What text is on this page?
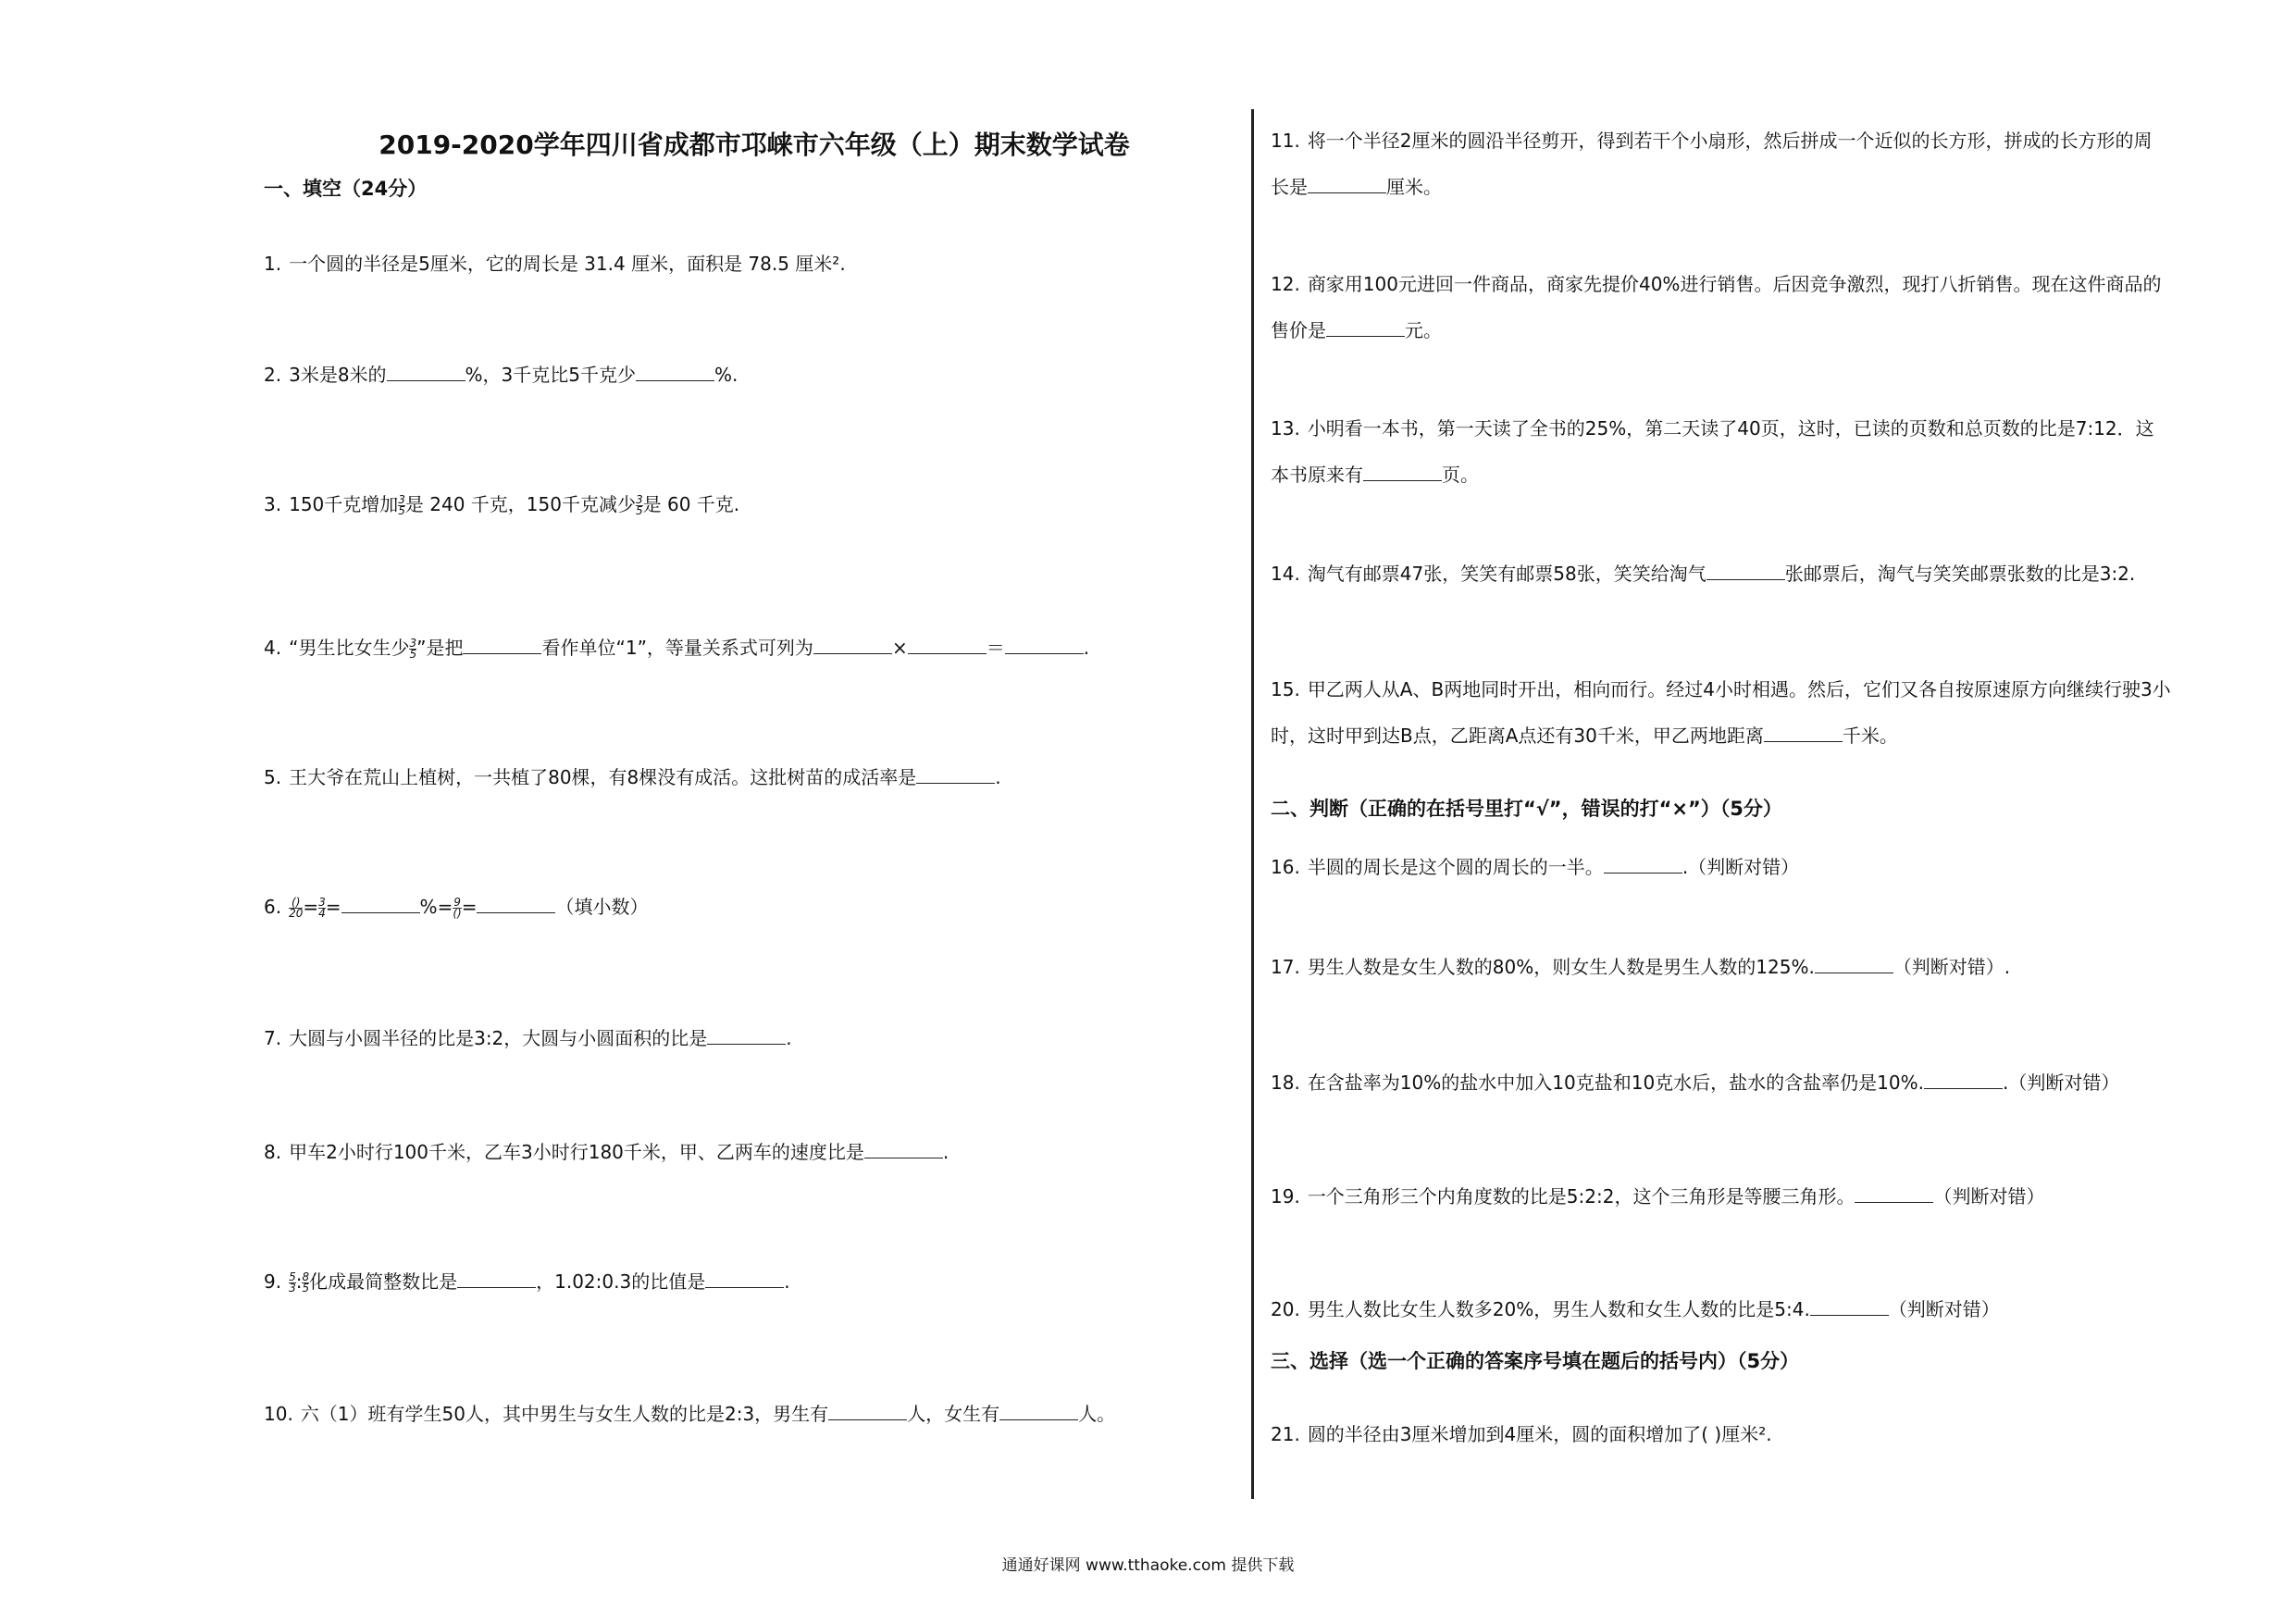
2019-2020学年四川省成都市邛崃市六年级（上）期末数学试卷
一、填空（24分）
1. 一个圆的半径是5厘米，它的周长是 31.4 厘米，面积是 78.5 厘米².
2. 3米是8米的	%，3千克比5千克少	%.
3. 150千克增加 $\frac{3}{5}$ 是 240 千克，150千克减少 $\frac{3}{5}$ 是 60 千克.
4. “男生比女生少 $\frac{3}{5}$ ”是把	看作单位“1”，等量关系式可列为	×	＝	.
5. 王大爷在荒山上植树，一共植了80棵，有8棵没有成活。这批树苗的成活率是	.
6. $\frac{()}{20} = \frac{3}{4}$ =	%= $\frac{9}{()}$ =	（填小数）
7. 大圆与小圆半径的比是3:2，大圆与小圆面积的比是	.
8. 甲车2小时行100千米，乙车3小时行180千米，甲、乙两车的速度比是	.
9. $\frac{5}{3}$ : $\frac{8}{5}$ 化成最简整数比是	，1.02:0.3的比值是	.
10. 六（1）班有学生50人，其中男生与女生人数的比是2:3，男生有	人，女生有	人。
11. 将一个半径2厘米的圆沿半径剪开，得到若干个小扇形，然后拼成一个近似的长方形，拼成的长方形的周
长是	厘米。
12. 商家用100元进回一件商品，商家先提价40%进行销售。后因竞争激烈，现打八折销售。现在这件商品的
售价是	元。
13. 小明看一本书，第一天读了全书的25%，第二天读了40页，这时，已读的页数和总页数的比是7:12．这
本书原来有	页。
14. 淘气有邮票47张，笑笑有邮票58张，笑笑给淘气	张邮票后，淘气与笑笑邮票张数的比是3:2.
15. 甲乙两人从A、B两地同时开出，相向而行。经过4小时相遇。然后，它们又各自按原速原方向继续行驶3小
时，这时甲到达B点，乙距离A点还有30千米，甲乙两地距离	千米。
二、判断（正确的在括号里打“√”，错误的打“×”）（5分）
16. 半圆的周长是这个圆的周长的一半。	.（判断对错）
17. 男生人数是女生人数的80%，则女生人数是男生人数的125%.	（判断对错）.
18. 在含盐率为10%的盐水中加入10克盐和10克水后，盐水的含盐率仍是10%.	.（判断对错）
19. 一个三角形三个内角度数的比是5:2:2，这个三角形是等腰三角形。	（判断对错）
20. 男生人数比女生人数多20%，男生人数和女生人数的比是5:4.	（判断对错）
三、选择（选一个正确的答案序号填在题后的括号内）（5分）
21. 圆的半径由3厘米增加到4厘米，圆的面积增加了( )厘米².
通通好课网 www.tthaoke.com 提供下载
